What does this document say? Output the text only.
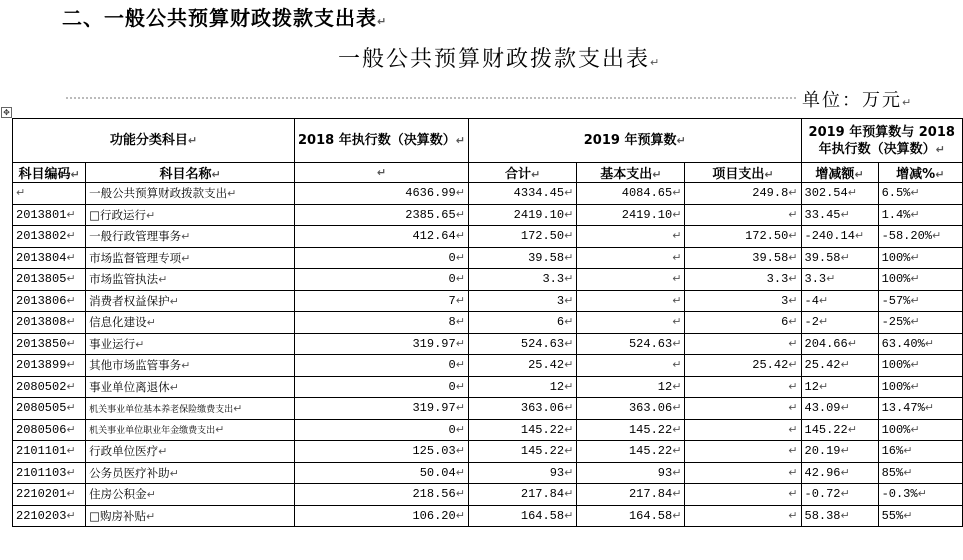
二、一般公共预算财政拨款支出表↵
一般公共预算财政拨款支出表↵
单位：万元↵
✥
功能分类科目↵		2018 年执行数（决算数）↵	2019 年预算数↵			2019 年预算数与 2018 年执行数（决算数）↵	
科目编码↵	科目名称↵	↵	合计↵	基本支出↵	项目支出↵	增减额↵	增减%↵
↵	一般公共预算财政拨款支出↵	4636.99↵	4334.45↵	4084.65↵	249.8↵	302.54↵	6.5%↵
2013801↵	□行政运行↵	2385.65↵	2419.10↵	2419.10↵	↵	33.45↵	1.4%↵
2013802↵	一般行政管理事务↵	412.64↵	172.50↵	↵	172.50↵	-240.14↵	-58.20%↵
2013804↵	市场监督管理专项↵	0↵	39.58↵	↵	39.58↵	39.58↵	100%↵
2013805↵	市场监管执法↵	0↵	3.3↵	↵	3.3↵	3.3↵	100%↵
2013806↵	消费者权益保护↵	7↵	3↵	↵	3↵	-4↵	-57%↵
2013808↵	信息化建设↵	8↵	6↵	↵	6↵	-2↵	-25%↵
2013850↵	事业运行↵	319.97↵	524.63↵	524.63↵	↵	204.66↵	63.40%↵
2013899↵	其他市场监管事务↵	0↵	25.42↵	↵	25.42↵	25.42↵	100%↵
2080502↵	事业单位离退休↵	0↵	12↵	12↵	↵	12↵	100%↵
2080505↵	机关事业单位基本养老保险缴费支出↵	319.97↵	363.06↵	363.06↵	↵	43.09↵	13.47%↵
2080506↵	机关事业单位职业年金缴费支出↵	0↵	145.22↵	145.22↵	↵	145.22↵	100%↵
2101101↵	行政单位医疗↵	125.03↵	145.22↵	145.22↵	↵	20.19↵	16%↵
2101103↵	公务员医疗补助↵	50.04↵	93↵	93↵	↵	42.96↵	85%↵
2210201↵	住房公积金↵	218.56↵	217.84↵	217.84↵	↵	-0.72↵	-0.3%↵
2210203↵	□购房补贴↵	106.20↵	164.58↵	164.58↵	↵	58.38↵	55%↵
